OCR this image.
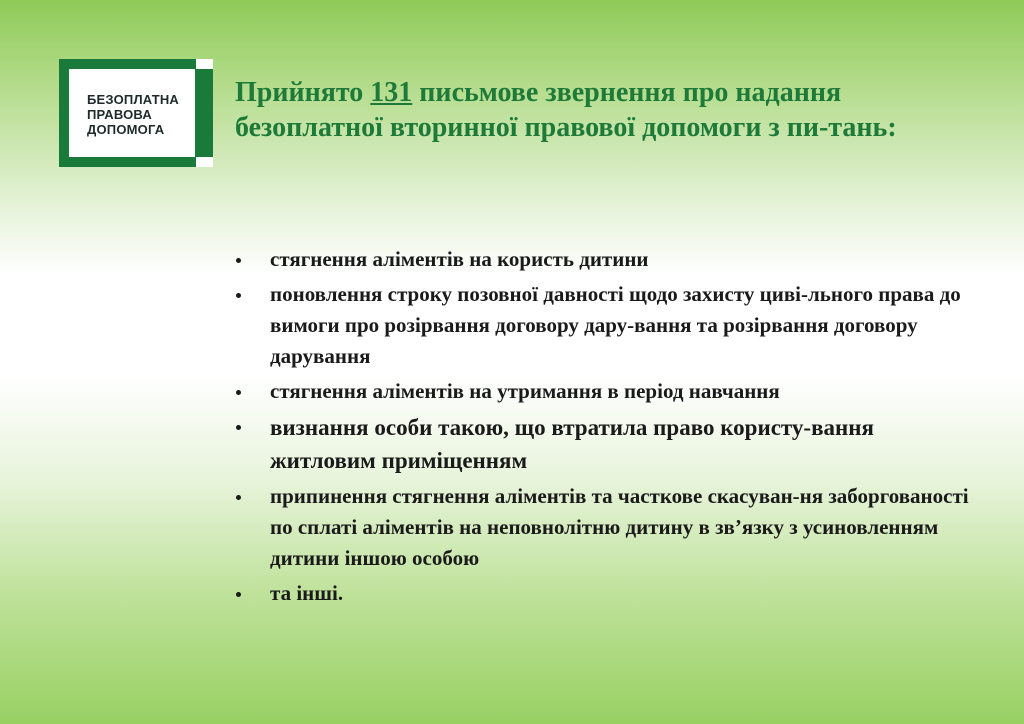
БЕЗОПЛАТНА
ПРАВОВА
ДОПОМОГА
Прийнято 131 письмове звернення про надання безоплатної вторинної правової допомоги з пи-тань:
стягнення аліментів на користь дитини
поновлення строку позовної давності щодо захисту циві-льного права до вимоги про розірвання договору дару-вання та розірвання договору дарування
стягнення аліментів на утримання в період навчання
визнання особи такою, що втратила право користу-вання житловим приміщенням
припинення стягнення аліментів та часткове скасуван-ня заборгованості по сплаті аліментів на неповнолітню дитину в зв’язку з усиновленням дитини іншою особою
та інші.
